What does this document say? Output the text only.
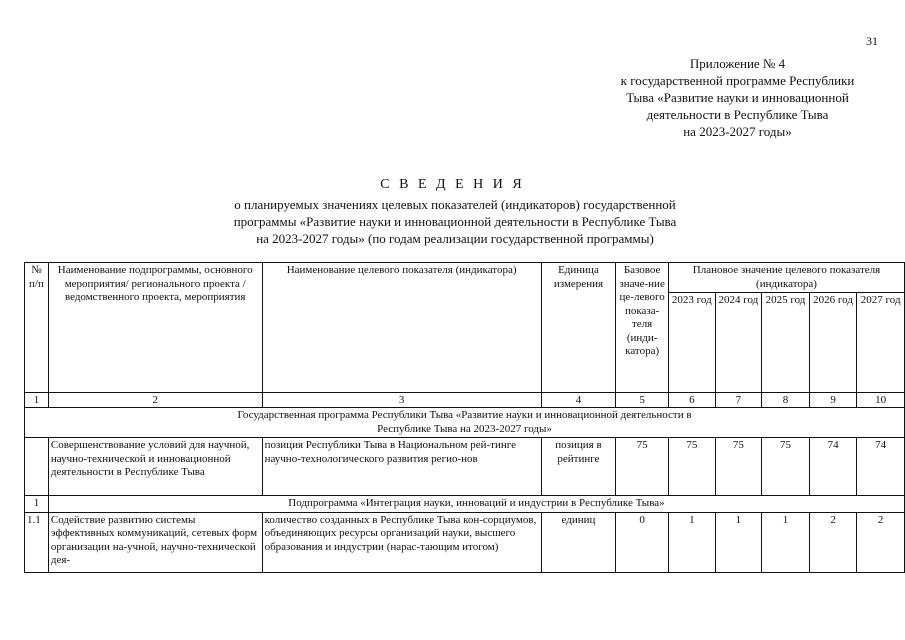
31
Приложение № 4
к государственной программе Республики
Тыва «Развитие науки и инновационной
деятельности в Республике Тыва
на 2023-2027 годы»
С В Е Д Е Н И Я
о планируемых значениях целевых показателей (индикаторов) государственной
программы «Развитие науки и инновационной деятельности в Республике Тыва
на 2023-2027 годы» (по годам реализации государственной программы)
№ п/п	Наименование подпрограммы, основного мероприятия/ регионального проекта /ведомственного проекта, мероприятия	Наименование целевого показателя (индикатора)	Единица измерения	Базовое значе-ние це-левого показа-теля (инди-катора)	Плановое значение целевого показателя (индикатора)				
					2023 год	2024 год	2025 год	2026 год	2027 год
1	2	3	4	5	6	7	8	9	10
Государственная программа Республики Тыва «Развитие науки и инновационной деятельности в Республике Тыва на 2023-2027 годы»									
	Совершенствование условий для научной, научно-технической и инновационной деятельности в Республике Тыва	позиция Республики Тыва в Национальном рей-тинге научно-технологического развития регио-нов	позиция в рейтинге	75	75	75	75	74	74
1	Подпрограмма «Интеграция науки, инноваций и индустрии в Республике Тыва»								
1.1	Содействие развитию системы эффективных коммуникаций, сетевых форм организации на-учной, научно-технической дея-	количество созданных в Республике Тыва кон-сорциумов, объединяющих ресурсы организаций науки, высшего образования и индустрии (нарас-тающим итогом)	единиц	0	1	1	1	2	2
